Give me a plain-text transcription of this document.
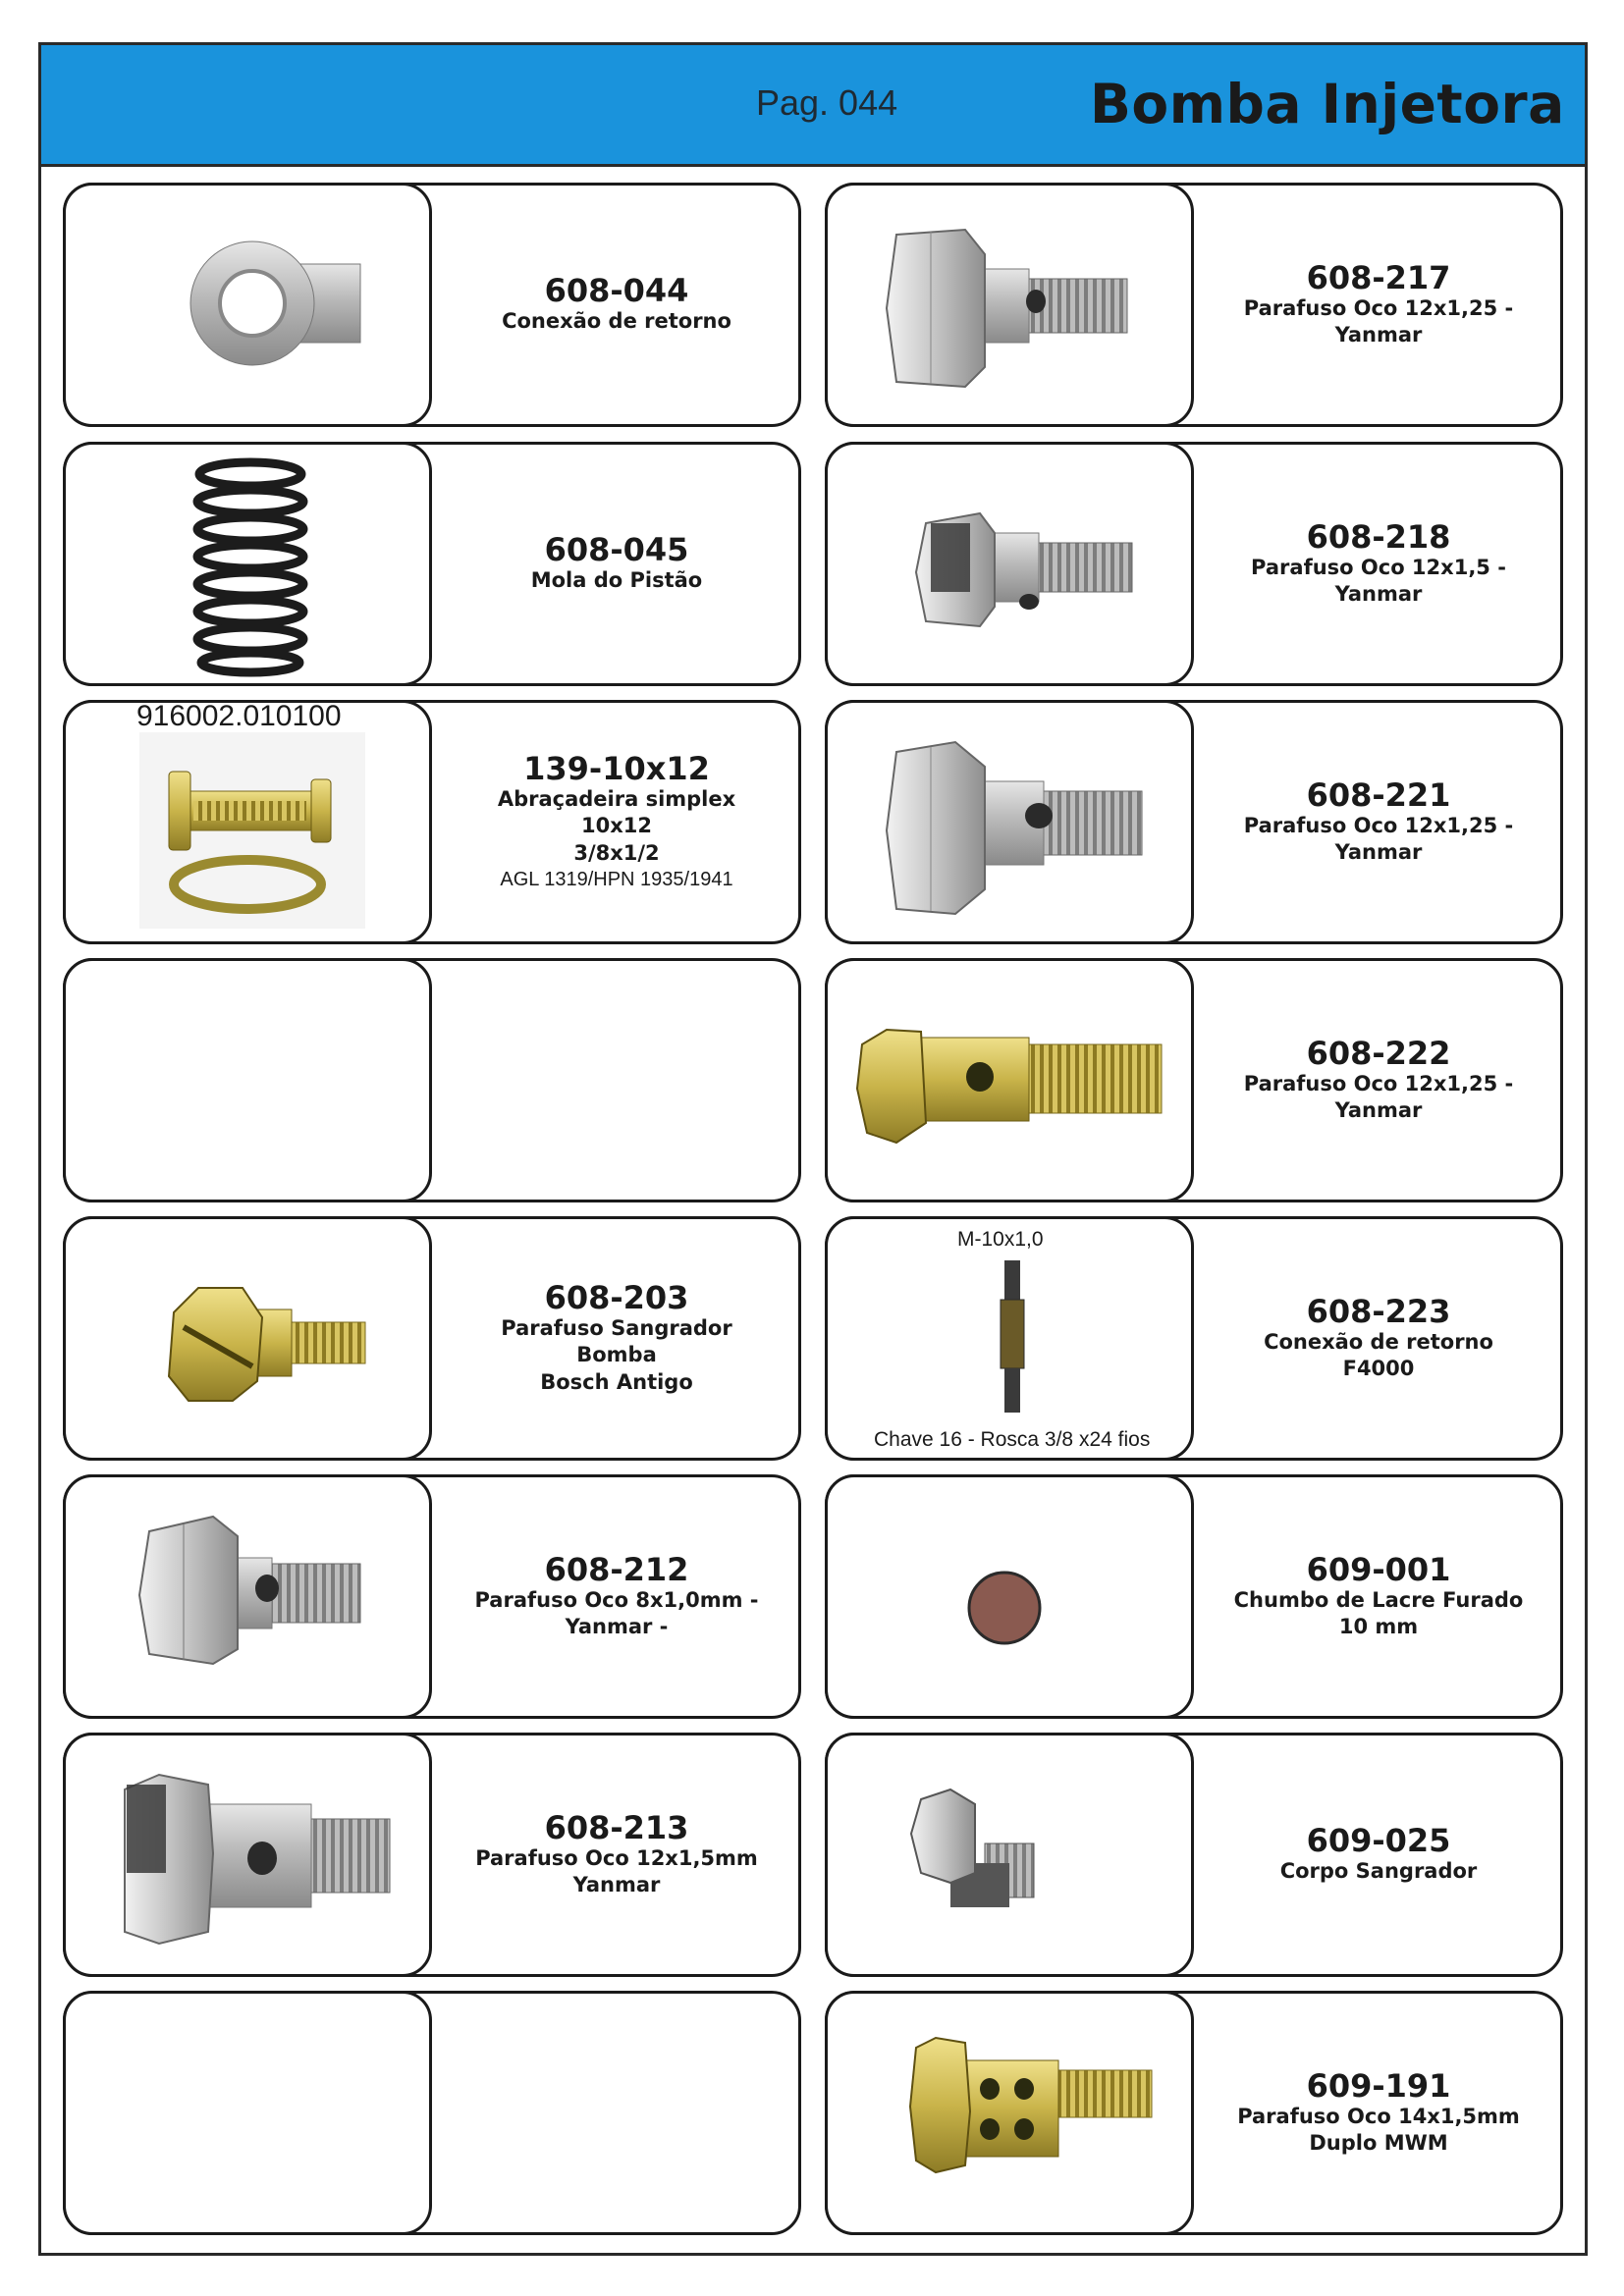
Pag. 044	Bomba Injetora
608-044
Conexão de retorno
608-045
Mola do Pistão
916002.010100
139-10x12
Abraçadeira simplex 10x12
3/8x1/2
AGL 1319/HPN 1935/1941
608-203
Parafuso Sangrador Bomba
Bosch Antigo
608-212
Parafuso Oco 8x1,0mm -
Yanmar -
608-213
Parafuso Oco 12x1,5mm
Yanmar
608-217
Parafuso Oco 12x1,25 -
Yanmar
608-218
Parafuso Oco 12x1,5 -
Yanmar
608-221
Parafuso Oco 12x1,25 -
Yanmar
608-222
Parafuso Oco 12x1,25 -
Yanmar
M-10x1,0
Chave 16 - Rosca 3/8 x24 fios
608-223
Conexão de retorno
F4000
609-001
Chumbo de Lacre Furado
10 mm
609-025
Corpo Sangrador
609-191
Parafuso Oco 14x1,5mm
Duplo MWM
